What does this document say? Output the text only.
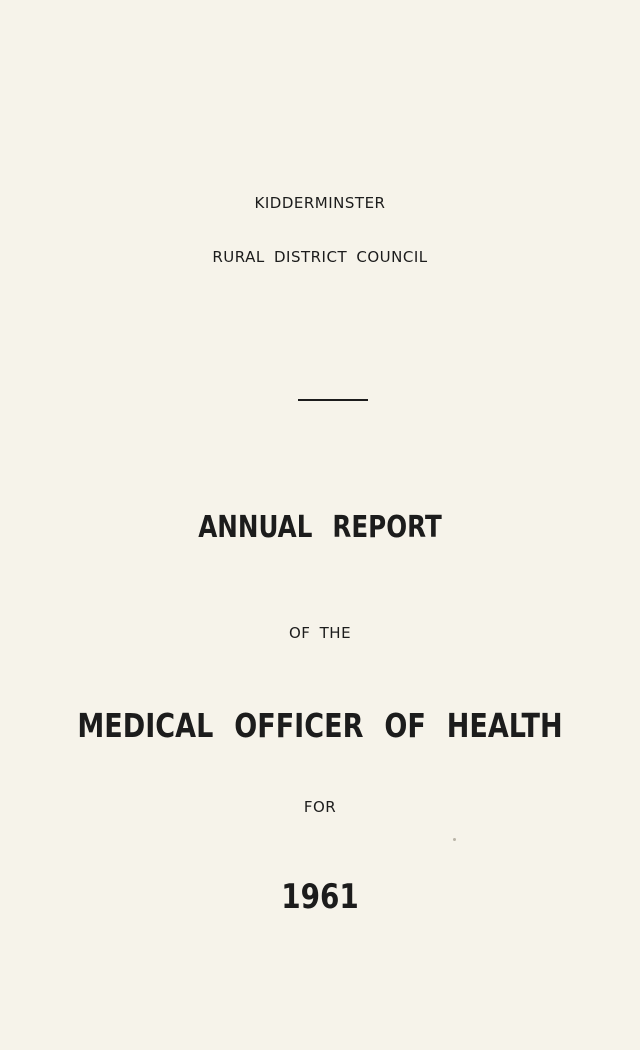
KIDDERMINSTER
RURAL DISTRICT COUNCIL
ANNUAL REPORT
OF THE
MEDICAL OFFICER OF HEALTH
FOR
1961
